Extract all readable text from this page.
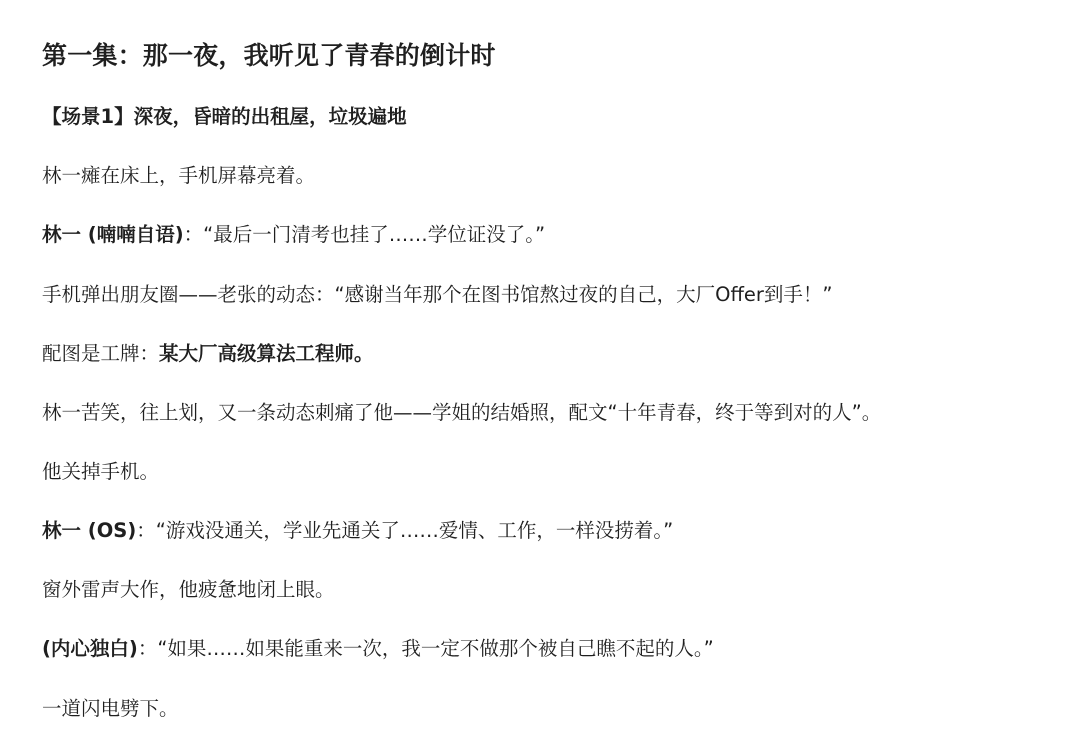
第一集：那一夜，我听见了青春的倒计时

【场景1】深夜，昏暗的出租屋，垃圾遍地

林一瘫在床上，手机屏幕亮着。

林一 (喃喃自语)：“最后一门清考也挂了……学位证没了。”

手机弹出朋友圈——老张的动态：“感谢当年那个在图书馆熬过夜的自己，大厂Offer到手！”

配图是工牌：某大厂高级算法工程师。

林一苦笑，往上划，又一条动态刺痛了他——学姐的结婚照，配文“十年青春，终于等到对的人”。

他关掉手机。

林一 (OS)：“游戏没通关，学业先通关了……爱情、工作，一样没捞着。”

窗外雷声大作，他疲惫地闭上眼。

(内心独白)：“如果……如果能重来一次，我一定不做那个被自己瞧不起的人。”

一道闪电劈下。
